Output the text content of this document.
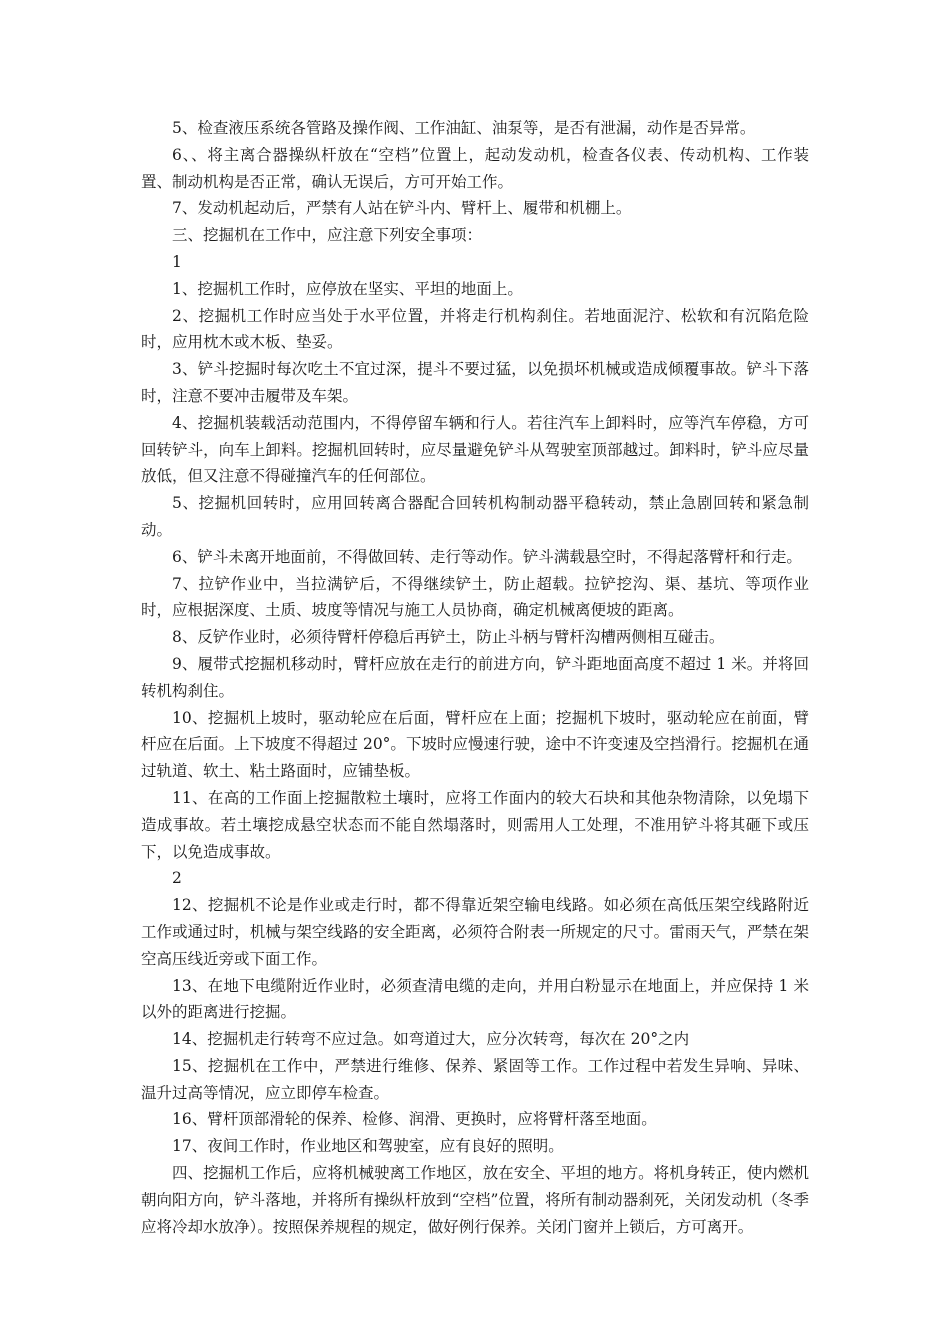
5、检查液压系统各管路及操作阀、工作油缸、油泵等，是否有泄漏，动作是否异常。

6、、将主离合器操纵杆放在“空档”位置上，起动发动机，检查各仪表、传动机构、工作装置、制动机构是否正常，确认无误后，方可开始工作。

7、发动机起动后，严禁有人站在铲斗内、臂杆上、履带和机棚上。

三、挖掘机在工作中，应注意下列安全事项：

1

1、挖掘机工作时，应停放在坚实、平坦的地面上。

2、挖掘机工作时应当处于水平位置，并将走行机构刹住。若地面泥泞、松软和有沉陷危险时，应用枕木或木板、垫妥。

3、铲斗挖掘时每次吃土不宜过深，提斗不要过猛，以免损坏机械或造成倾覆事故。铲斗下落时，注意不要冲击履带及车架。

4、挖掘机装载活动范围内，不得停留车辆和行人。若往汽车上卸料时，应等汽车停稳，方可回转铲斗，向车上卸料。挖掘机回转时，应尽量避免铲斗从驾驶室顶部越过。卸料时，铲斗应尽量放低，但又注意不得碰撞汽车的任何部位。

5、挖掘机回转时，应用回转离合器配合回转机构制动器平稳转动，禁止急剧回转和紧急制动。

6、铲斗未离开地面前，不得做回转、走行等动作。铲斗满载悬空时，不得起落臂杆和行走。

7、拉铲作业中，当拉满铲后，不得继续铲土，防止超载。拉铲挖沟、渠、基坑、等项作业时，应根据深度、土质、坡度等情况与施工人员协商，确定机械离便坡的距离。

8、反铲作业时，必须待臂杆停稳后再铲土，防止斗柄与臂杆沟槽两侧相互碰击。

9、履带式挖掘机移动时，臂杆应放在走行的前进方向，铲斗距地面高度不超过 1 米。并将回转机构刹住。

10、挖掘机上坡时，驱动轮应在后面，臂杆应在上面；挖掘机下坡时，驱动轮应在前面，臂杆应在后面。上下坡度不得超过 20°。下坡时应慢速行驶，途中不许变速及空挡滑行。挖掘机在通过轨道、软土、粘土路面时，应铺垫板。

11、在高的工作面上挖掘散粒土壤时，应将工作面内的较大石块和其他杂物清除，以免塌下造成事故。若土壤挖成悬空状态而不能自然塌落时，则需用人工处理，不准用铲斗将其砸下或压下，以免造成事故。

2

12、挖掘机不论是作业或走行时，都不得靠近架空输电线路。如必须在高低压架空线路附近工作或通过时，机械与架空线路的安全距离，必须符合附表一所规定的尺寸。雷雨天气，严禁在架空高压线近旁或下面工作。

13、在地下电缆附近作业时，必须查清电缆的走向，并用白粉显示在地面上，并应保持 1 米以外的距离进行挖掘。

14、挖掘机走行转弯不应过急。如弯道过大，应分次转弯，每次在 20°之内

15、挖掘机在工作中，严禁进行维修、保养、紧固等工作。工作过程中若发生异响、异味、温升过高等情况，应立即停车检查。

16、臂杆顶部滑轮的保养、检修、润滑、更换时，应将臂杆落至地面。

17、夜间工作时，作业地区和驾驶室，应有良好的照明。

四、挖掘机工作后，应将机械驶离工作地区，放在安全、平坦的地方。将机身转正，使内燃机朝向阳方向，铲斗落地，并将所有操纵杆放到“空档”位置，将所有制动器刹死，关闭发动机（冬季应将冷却水放净）。按照保养规程的规定，做好例行保养。关闭门窗并上锁后，方可离开。
